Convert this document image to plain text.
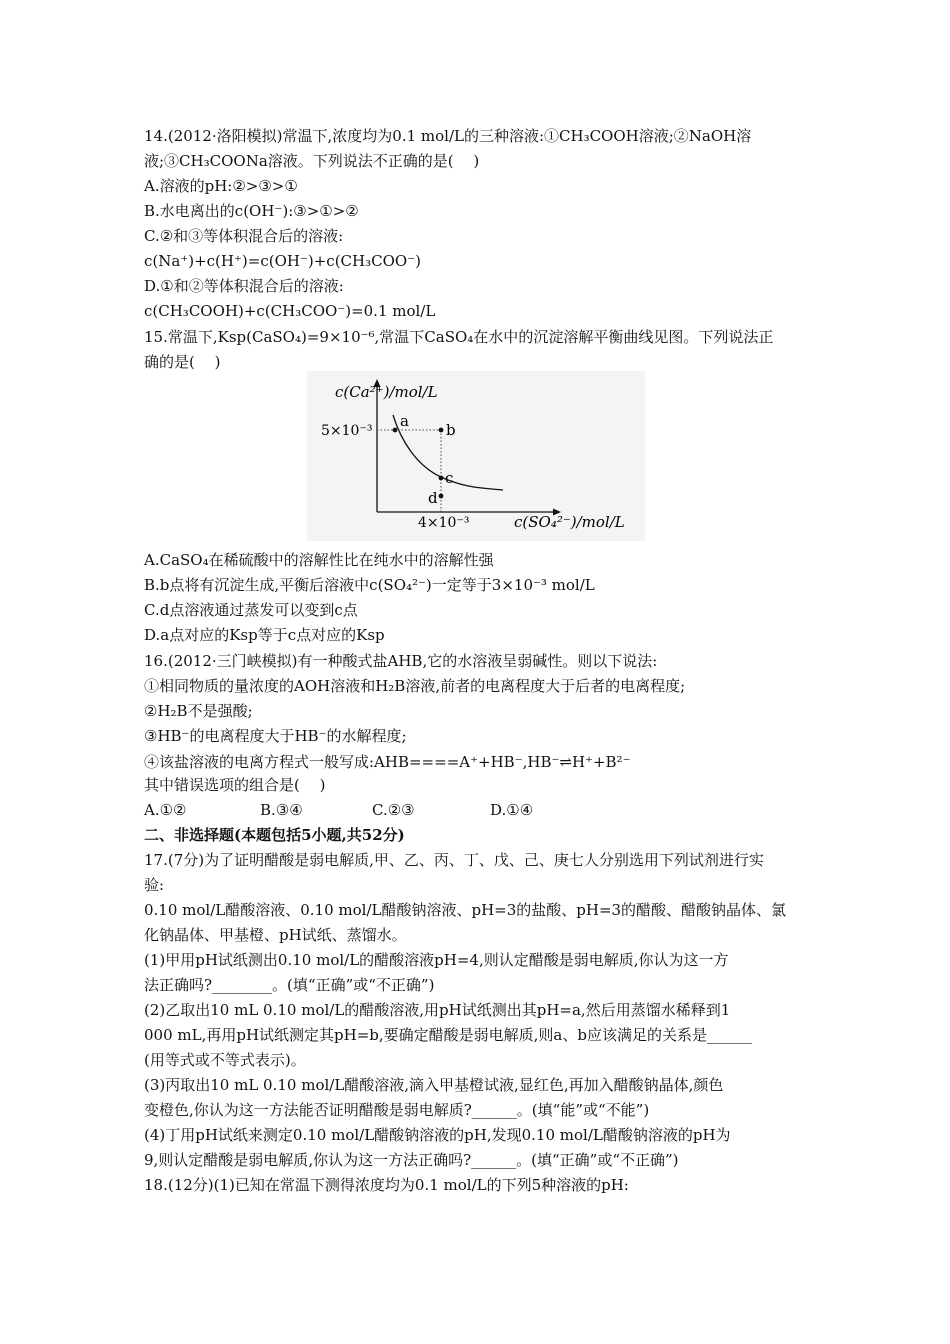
14.(2012·洛阳模拟)常温下,浓度均为0.1 mol/L的三种溶液:①CH₃COOH溶液;②NaOH溶
液;③CH₃COONa溶液。下列说法不正确的是(　 )
A.溶液的pH:②>③>①
B.水电离出的c(OH⁻):③>①>②
C.②和③等体积混合后的溶液:
c(Na⁺)+c(H⁺)=c(OH⁻)+c(CH₃COO⁻)
D.①和②等体积混合后的溶液:
c(CH₃COOH)+c(CH₃COO⁻)=0.1 mol/L
15.常温下,Ksp(CaSO₄)=9×10⁻⁶,常温下CaSO₄在水中的沉淀溶解平衡曲线见图。下列说法正
确的是(　 )
c(Ca²⁺)/mol/L
5×10⁻³
4×10⁻³	c(SO₄²⁻)/mol/L
a b
c
d
A.CaSO₄在稀硫酸中的溶解性比在纯水中的溶解性强
B.b点将有沉淀生成,平衡后溶液中c(SO₄²⁻)一定等于3×10⁻³ mol/L
C.d点溶液通过蒸发可以变到c点
D.a点对应的Ksp等于c点对应的Ksp
16.(2012·三门峡模拟)有一种酸式盐AHB,它的水溶液呈弱碱性。则以下说法:
①相同物质的量浓度的AOH溶液和H₂B溶液,前者的电离程度大于后者的电离程度;
②H₂B不是强酸;
③HB⁻的电离程度大于HB⁻的水解程度;
④该盐溶液的电离方程式一般写成:AHB====A⁺+HB⁻,HB⁻⇌H⁺+B²⁻
其中错误选项的组合是(　 )
A.①②	B.③④	C.②③	D.①④
二、非选择题(本题包括5小题,共52分)
17.(7分)为了证明醋酸是弱电解质,甲、乙、丙、丁、戊、己、庚七人分别选用下列试剂进行实
验:
0.10 mol/L醋酸溶液、0.10 mol/L醋酸钠溶液、pH=3的盐酸、pH=3的醋酸、醋酸钠晶体、氯
化钠晶体、甲基橙、pH试纸、蒸馏水。
(1)甲用pH试纸测出0.10 mol/L的醋酸溶液pH=4,则认定醋酸是弱电解质,你认为这一方
法正确吗?________。(填“正确”或“不正确”)
(2)乙取出10 mL 0.10 mol/L的醋酸溶液,用pH试纸测出其pH=a,然后用蒸馏水稀释到1
000 mL,再用pH试纸测定其pH=b,要确定醋酸是弱电解质,则a、b应该满足的关系是______
(用等式或不等式表示)。
(3)丙取出10 mL 0.10 mol/L醋酸溶液,滴入甲基橙试液,显红色,再加入醋酸钠晶体,颜色
变橙色,你认为这一方法能否证明醋酸是弱电解质?______。(填“能”或“不能”)
(4)丁用pH试纸来测定0.10 mol/L醋酸钠溶液的pH,发现0.10 mol/L醋酸钠溶液的pH为
9,则认定醋酸是弱电解质,你认为这一方法正确吗?______。(填“正确”或“不正确”)
18.(12分)(1)已知在常温下测得浓度均为0.1 mol/L的下列5种溶液的pH:
